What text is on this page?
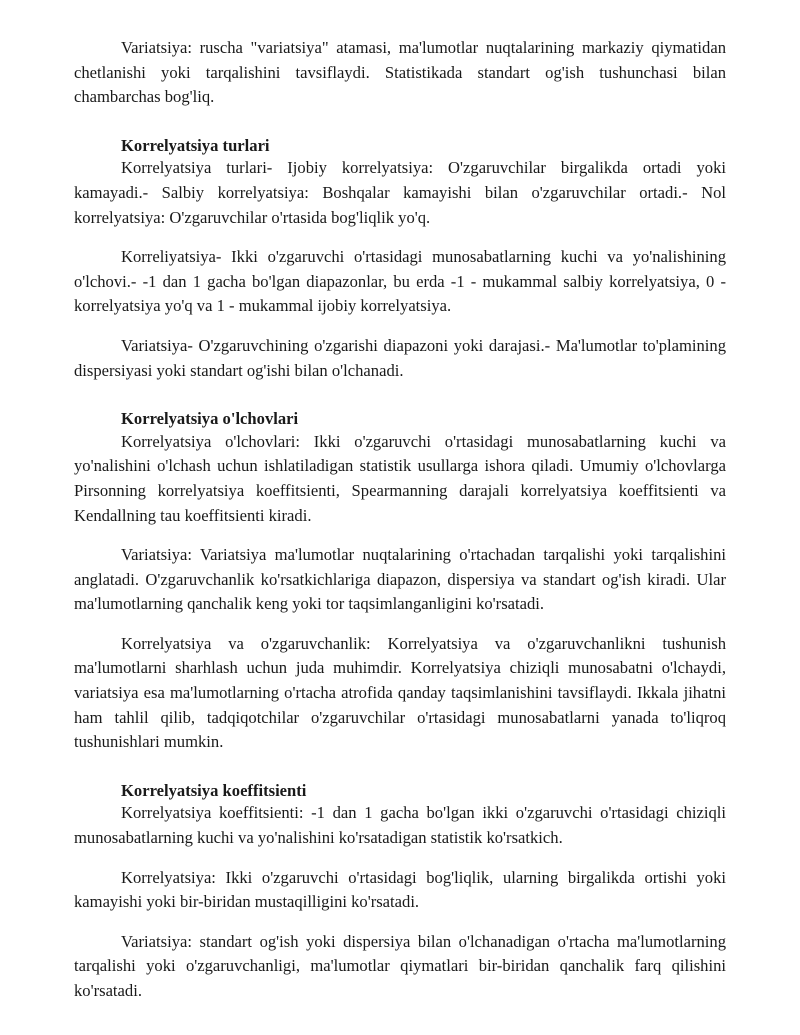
Variatsiya: ruscha "variatsiya" atamasi, ma'lumotlar nuqtalarining markaziy qiymatidan chetlanishi yoki tarqalishini tavsiflaydi. Statistikada standart og'ish tushunchasi bilan chambarchas bog'liq.

Korrelyatsiya turlari

Korrelyatsiya turlari- Ijobiy korrelyatsiya: O'zgaruvchilar birgalikda ortadi yoki kamayadi.- Salbiy korrelyatsiya: Boshqalar kamayishi bilan o'zgaruvchilar ortadi.- Nol korrelyatsiya: O'zgaruvchilar o'rtasida bog'liqlik yo'q.

Korreliyatsiya- Ikki o'zgaruvchi o'rtasidagi munosabatlarning kuchi va yo'nalishining o'lchovi.- -1 dan 1 gacha bo'lgan diapazonlar, bu erda -1 - mukammal salbiy korrelyatsiya, 0 - korrelyatsiya yo'q va 1 - mukammal ijobiy korrelyatsiya.

Variatsiya- O'zgaruvchining o'zgarishi diapazoni yoki darajasi.- Ma'lumotlar to'plamining dispersiyasi yoki standart og'ishi bilan o'lchanadi.

Korrelyatsiya o'lchovlari

Korrelyatsiya o'lchovlari: Ikki o'zgaruvchi o'rtasidagi munosabatlarning kuchi va yo'nalishini o'lchash uchun ishlatiladigan statistik usullarga ishora qiladi. Umumiy o'lchovlarga Pirsonning korrelyatsiya koeffitsienti, Spearmanning darajali korrelyatsiya koeffitsienti va Kendallning tau koeffitsienti kiradi.

Variatsiya: Variatsiya ma'lumotlar nuqtalarining o'rtachadan tarqalishi yoki tarqalishini anglatadi. O'zgaruvchanlik ko'rsatkichlariga diapazon, dispersiya va standart og'ish kiradi. Ular ma'lumotlarning qanchalik keng yoki tor taqsimlanganligini ko'rsatadi.

Korrelyatsiya va o'zgaruvchanlik: Korrelyatsiya va o'zgaruvchanlikni tushunish ma'lumotlarni sharhlash uchun juda muhimdir. Korrelyatsiya chiziqli munosabatni o'lchaydi, variatsiya esa ma'lumotlarning o'rtacha atrofida qanday taqsimlanishini tavsiflaydi. Ikkala jihatni ham tahlil qilib, tadqiqotchilar o'zgaruvchilar o'rtasidagi munosabatlarni yanada to'liqroq tushunishlari mumkin.

Korrelyatsiya koeffitsienti

Korrelyatsiya koeffitsienti: -1 dan 1 gacha bo'lgan ikki o'zgaruvchi o'rtasidagi chiziqli munosabatlarning kuchi va yo'nalishini ko'rsatadigan statistik ko'rsatkich.

Korrelyatsiya: Ikki o'zgaruvchi o'rtasidagi bog'liqlik, ularning birgalikda ortishi yoki kamayishi yoki bir-biridan mustaqilligini ko'rsatadi.

Variatsiya: standart og'ish yoki dispersiya bilan o'lchanadigan o'rtacha ma'lumotlarning tarqalishi yoki o'zgaruvchanligi, ma'lumotlar qiymatlari bir-biridan qanchalik farq qilishini ko'rsatadi.
